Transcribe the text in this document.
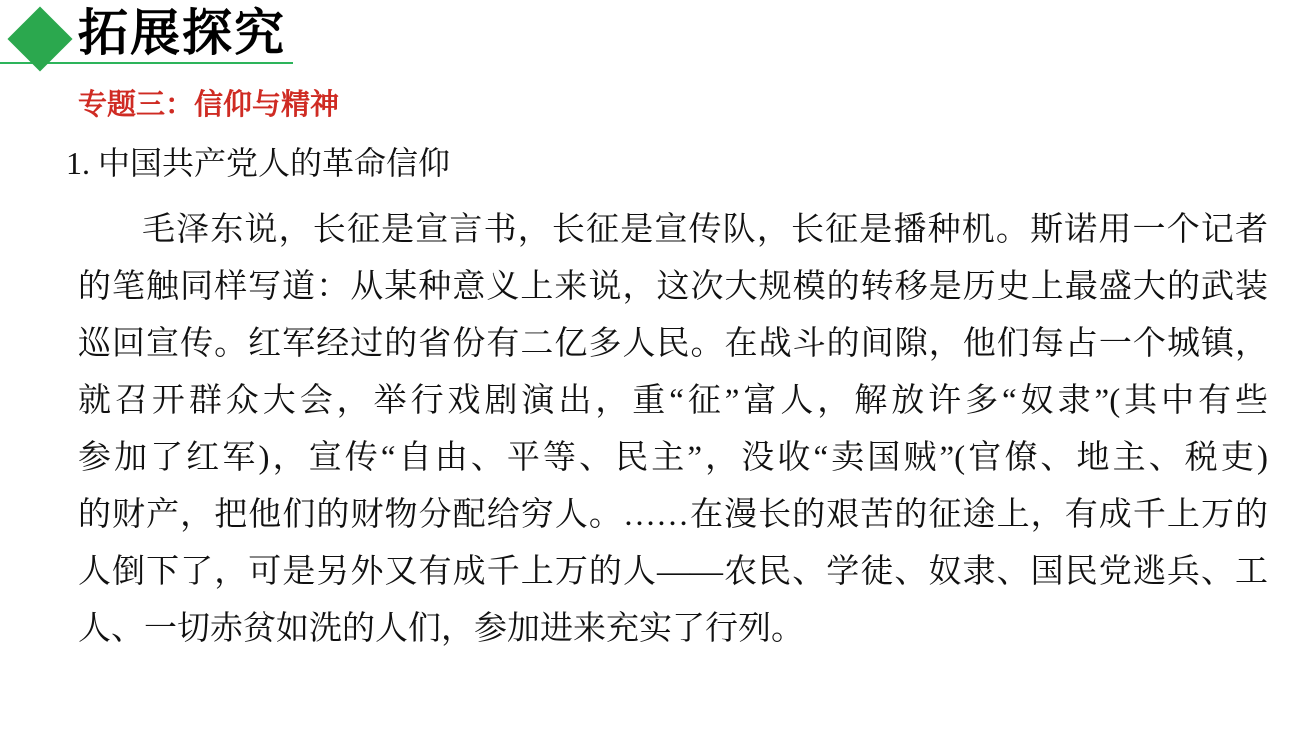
拓展探究
专题三：信仰与精神
1. 中国共产党人的革命信仰
毛泽东说，长征是宣言书，长征是宣传队，长征是播种机。斯诺用一个记者
的笔触同样写道：从某种意义上来说，这次大规模的转移是历史上最盛大的武装
巡回宣传。红军经过的省份有二亿多人民。在战斗的间隙，他们每占一个城镇，
就召开群众大会，举行戏剧演出，重“征”富人，解放许多“奴隶”(其中有些
参加了红军)，宣传“自由、平等、民主”，没收“卖国贼”(官僚、地主、税吏)
的财产，把他们的财物分配给穷人。……在漫长的艰苦的征途上，有成千上万的
人倒下了，可是另外又有成千上万的人——农民、学徒、奴隶、国民党逃兵、工
人、一切赤贫如洗的人们，参加进来充实了行列。
